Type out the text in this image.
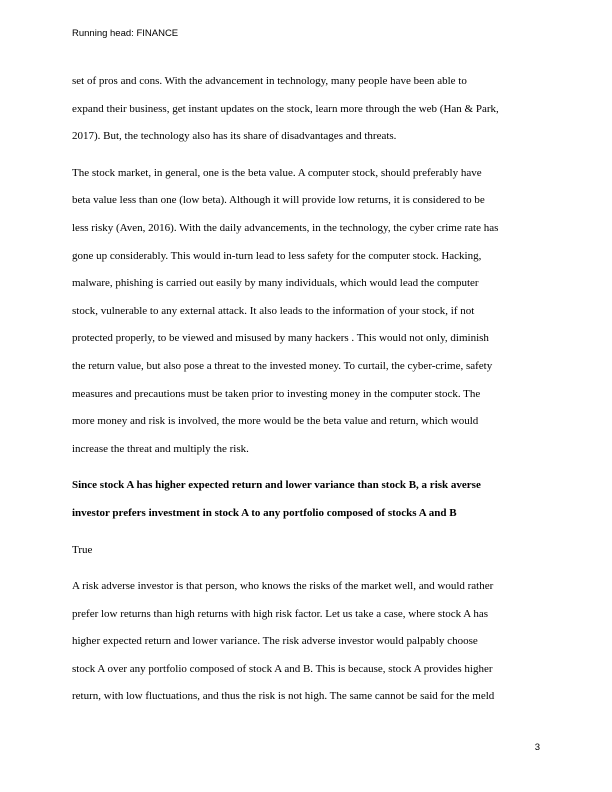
Running head: FINANCE

set of pros and cons. With the advancement in technology, many people have been able to
expand their business, get instant updates on the stock, learn more through the web (Han & Park,
2017). But, the technology also has its share of disadvantages and threats.

The stock market, in general, one is the beta value. A computer stock, should preferably have
beta value less than one (low beta). Although it will provide low returns, it is considered to be
less risky (Aven, 2016). With the daily advancements, in the technology, the cyber crime rate has
gone up considerably. This would in-turn lead to less safety for the computer stock. Hacking,
malware, phishing is carried out easily by many individuals, which would lead the computer
stock, vulnerable to any external attack. It also leads to the information of your stock, if not
protected properly, to be viewed and misused by many hackers . This would not only, diminish
the return value, but also pose a threat to the invested money. To curtail, the cyber-crime, safety
measures and precautions must be taken prior to investing money in the computer stock. The
more money and risk is involved, the more would be the beta value and return, which would
increase the threat and multiply the risk.

Since stock A has higher expected return and lower variance than stock B, a risk averse
investor prefers investment in stock A to any portfolio composed of stocks A and B

True

A risk adverse investor is that person, who knows the risks of the market well, and would rather
prefer low returns than high returns with high risk factor. Let us take a case, where stock A has
higher expected return and lower variance. The risk adverse investor would palpably choose
stock A over any portfolio composed of stock A and B. This is because, stock A provides higher
return, with low fluctuations, and thus the risk is not high. The same cannot be said for the meld

3
